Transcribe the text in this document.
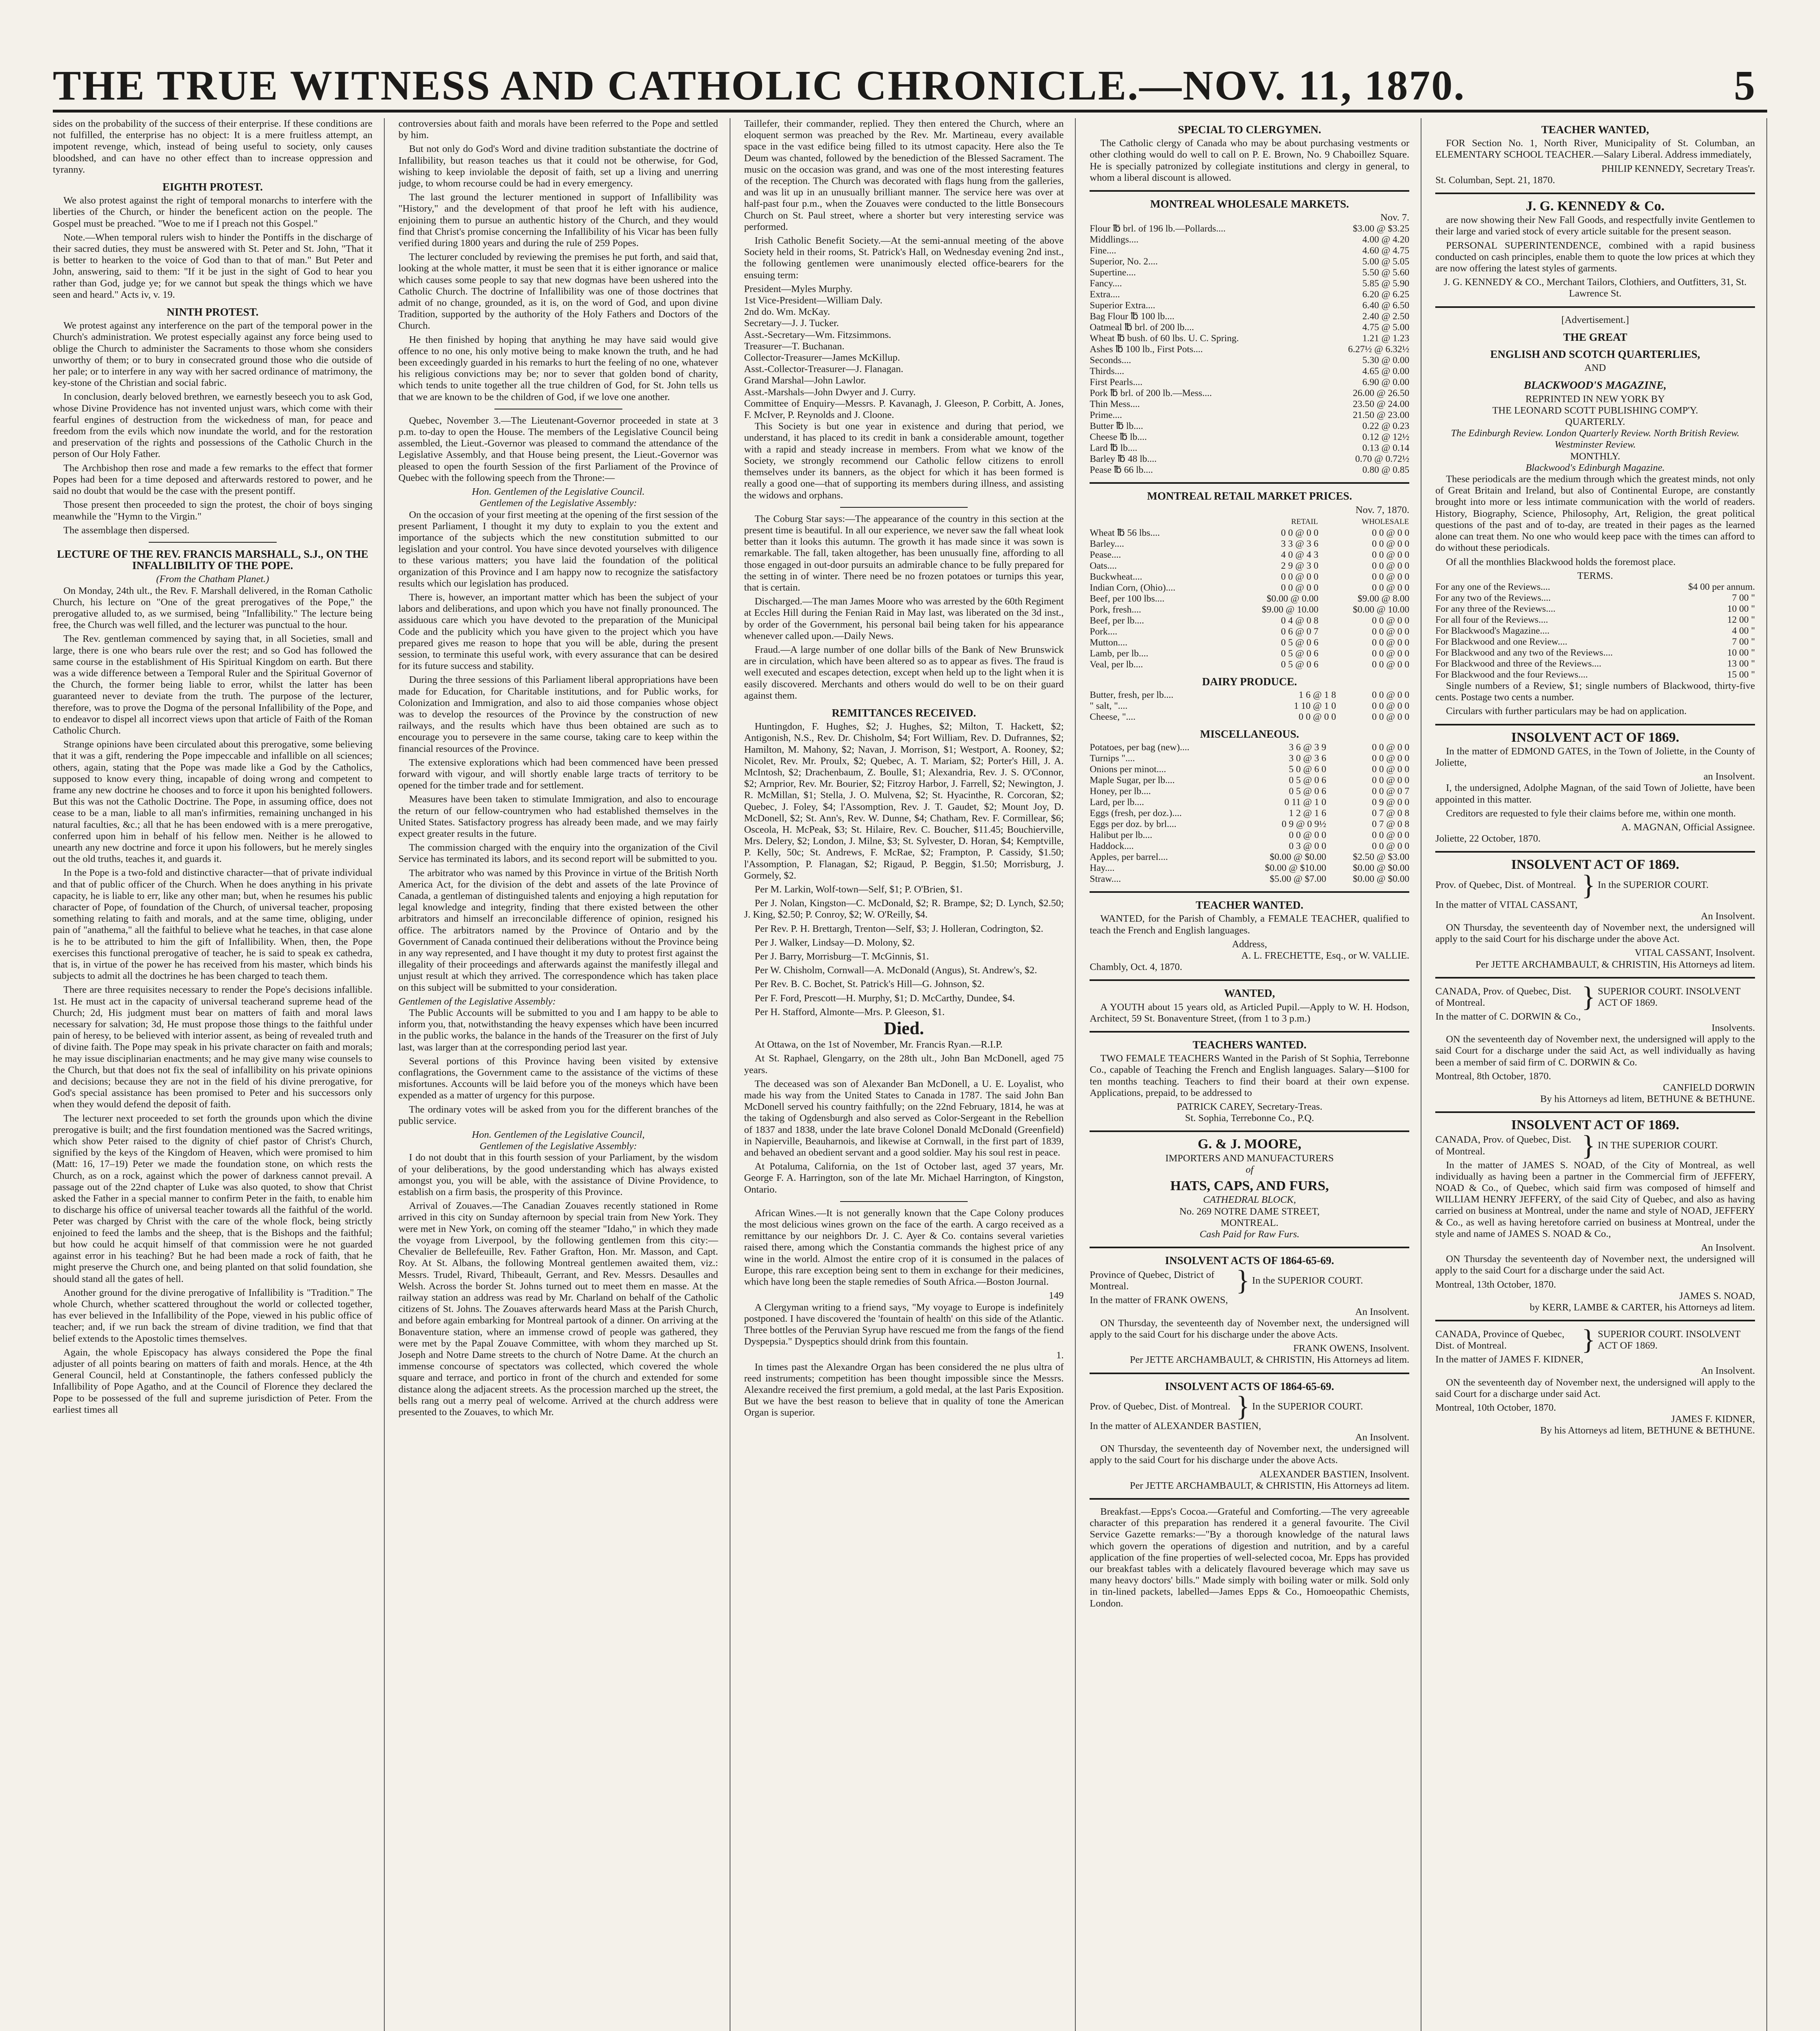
THE TRUE WITNESS AND CATHOLIC CHRONICLE.—NOV. 11, 1870.	5

sides on the probability of the success of their enterprise. If these conditions are not fulfilled, the enterprise has no object: It is a mere fruitless attempt, an impotent revenge, which, instead of being useful to society, only causes bloodshed, and can have no other effect than to increase oppression and tyranny.

EIGHTH PROTEST.

We also protest against the right of temporal monarchs to interfere with the liberties of the Church, or hinder the beneficent action on the people. The Gospel must be preached. "Woe to me if I preach not this Gospel."

Note.—When temporal rulers wish to hinder the Pontiffs in the discharge of their sacred duties, they must be answered with St. Peter and St. John, "That it is better to hearken to the voice of God than to that of man." But Peter and John, answering, said to them: "If it be just in the sight of God to hear you rather than God, judge ye; for we cannot but speak the things which we have seen and heard." Acts iv, v. 19.

NINTH PROTEST.

We protest against any interference on the part of the temporal power in the Church's administration. We protest especially against any force being used to oblige the Church to administer the Sacraments to those whom she considers unworthy of them; or to bury in consecrated ground those who die outside of her pale; or to interfere in any way with her sacred ordinance of matrimony, the key-stone of the Christian and social fabric.

In conclusion, dearly beloved brethren, we earnestly beseech you to ask God, whose Divine Providence has not invented unjust wars, which come with their fearful engines of destruction from the wickedness of man, for peace and freedom from the evils which now inundate the world, and for the restoration and preservation of the rights and possessions of the Catholic Church in the person of Our Holy Father.

The Archbishop then rose and made a few remarks to the effect that former Popes had been for a time deposed and afterwards restored to power, and he said no doubt that would be the case with the present pontiff.

Those present then proceeded to sign the protest, the choir of boys singing meanwhile the "Hymn to the Virgin."

The assemblage then dispersed.

LECTURE OF THE REV. FRANCIS MARSHALL, S.J., ON THE INFALLIBILITY OF THE POPE.
(From the Chatham Planet.)

On Monday, 24th ult., the Rev. F. Marshall delivered, in the Roman Catholic Church, his lecture on "One of the great prerogatives of the Pope," the prerogative alluded to, as we surmised, being "Infallibility." The lecture being free, the Church was well filled, and the lecturer was punctual to the hour.

The Rev. gentleman commenced by saying that, in all Societies, small and large, there is one who bears rule over the rest; and so God has followed the same course in the establishment of His Spiritual Kingdom on earth. But there was a wide difference between a Temporal Ruler and the Spiritual Governor of the Church, the former being liable to error, whilst the latter has been guaranteed never to deviate from the truth. The purpose of the lecturer, therefore, was to prove the Dogma of the personal Infallibility of the Pope, and to endeavor to dispel all incorrect views upon that article of Faith of the Roman Catholic Church.

Strange opinions have been circulated about this prerogative, some believing that it was a gift, rendering the Pope impeccable and infallible on all sciences; others, again, stating that the Pope was made like a God by the Catholics, supposed to know every thing, incapable of doing wrong and competent to frame any new doctrine he chooses and to force it upon his benighted followers. But this was not the Catholic Doctrine. The Pope, in assuming office, does not cease to be a man, liable to all man's infirmities, remaining unchanged in his natural faculties, &c.; all that he has been endowed with is a mere prerogative, conferred upon him in behalf of his fellow men. Neither is he allowed to unearth any new doctrine and force it upon his followers, but he merely singles out the old truths, teaches it, and guards it.

In the Pope is a two-fold and distinctive character—that of private individual and that of public officer of the Church. When he does anything in his private capacity, he is liable to err, like any other man; but, when he resumes his public character of Pope, of foundation of the Church, of universal teacher, proposing something relating to faith and morals, and at the same time, obliging, under pain of "anathema," all the faithful to believe what he teaches, in that case alone is he to be attributed to him the gift of Infallibility. When, then, the Pope exercises this functional prerogative of teacher, he is said to speak ex cathedra, that is, in virtue of the power he has received from his master, which binds his subjects to admit all the doctrines he has been charged to teach them.

There are three requisites necessary to render the Pope's decisions infallible. 1st. He must act in the capacity of universal teacherand supreme head of the Church; 2d, His judgment must bear on matters of faith and moral laws necessary for salvation; 3d, He must propose those things to the faithful under pain of heresy, to be believed with interior assent, as being of revealed truth and of divine faith. The Pope may speak in his private character on faith and morals; he may issue disciplinarian enactments; and he may give many wise counsels to the Church, but that does not fix the seal of infallibility on his private opinions and decisions; because they are not in the field of his divine prerogative, for God's special assistance has been promised to Peter and his successors only when they would defend the deposit of faith.

The lecturer next proceeded to set forth the grounds upon which the divine prerogative is built; and the first foundation mentioned was the Sacred writings, which show Peter raised to the dignity of chief pastor of Christ's Church, signified by the keys of the Kingdom of Heaven, which were promised to him (Matt: 16, 17–19) Peter we made the foundation stone, on which rests the Church, as on a rock, against which the power of darkness cannot prevail. A passage out of the 22nd chapter of Luke was also quoted, to show that Christ asked the Father in a special manner to confirm Peter in the faith, to enable him to discharge his office of universal teacher towards all the faithful of the world. Peter was charged by Christ with the care of the whole flock, being strictly enjoined to feed the lambs and the sheep, that is the Bishops and the faithful; but how could he acquit himself of that commission were he not guarded against error in his teaching? But he had been made a rock of faith, that he might preserve the Church one, and being planted on that solid foundation, she should stand all the gates of hell.

Another ground for the divine prerogative of Infallibility is "Tradition." The whole Church, whether scattered throughout the world or collected together, has ever believed in the Infallibility of the Pope, viewed in his public office of teacher; and, if we run back the stream of divine tradition, we find that that belief extends to the Apostolic times themselves.

Again, the whole Episcopacy has always considered the Pope the final adjuster of all points bearing on matters of faith and morals. Hence, at the 4th General Council, held at Constantinople, the fathers confessed publicly the Infallibility of Pope Agatho, and at the Council of Florence they declared the Pope to be possessed of the full and supreme jurisdiction of Peter. From the earliest times all

controversies about faith and morals have been referred to the Pope and settled by him.

But not only do God's Word and divine tradition substantiate the doctrine of Infallibility, but reason teaches us that it could not be otherwise, for God, wishing to keep inviolable the deposit of faith, set up a living and unerring judge, to whom recourse could be had in every emergency.

The last ground the lecturer mentioned in support of Infallibility was "History," and the development of that proof he left with his audience, enjoining them to pursue an authentic history of the Church, and they would find that Christ's promise concerning the Infallibility of his Vicar has been fully verified during 1800 years and during the rule of 259 Popes.

The lecturer concluded by reviewing the premises he put forth, and said that, looking at the whole matter, it must be seen that it is either ignorance or malice which causes some people to say that new dogmas have been ushered into the Catholic Church. The doctrine of Infallibility was one of those doctrines that admit of no change, grounded, as it is, on the word of God, and upon divine Tradition, supported by the authority of the Holy Fathers and Doctors of the Church.

He then finished by hoping that anything he may have said would give offence to no one, his only motive being to make known the truth, and he had been exceedingly guarded in his remarks to hurt the feeling of no one, whatever his religious convictions may be; nor to sever that golden bond of charity, which tends to unite together all the true children of God, for St. John tells us that we are known to be the children of God, if we love one another.

Quebec, November 3.—The Lieutenant-Governor proceeded in state at 3 p.m. to-day to open the House. The members of the Legislative Council being assembled, the Lieut.-Governor was pleased to command the attendance of the Legislative Assembly, and that House being present, the Lieut.-Governor was pleased to open the fourth Session of the first Parliament of the Province of Quebec with the following speech from the Throne:—

Hon. Gentlemen of the Legislative Council.
Gentlemen of the Legislative Assembly:

On the occasion of your first meeting at the opening of the first session of the present Parliament, I thought it my duty to explain to you the extent and importance of the subjects which the new constitution submitted to our legislation and your control. You have since devoted yourselves with diligence to these various matters; you have laid the foundation of the political organization of this Province and I am happy now to recognize the satisfactory results which our legislation has produced.

There is, however, an important matter which has been the subject of your labors and deliberations, and upon which you have not finally pronounced. The assiduous care which you have devoted to the preparation of the Municipal Code and the publicity which you have given to the project which you have prepared gives me reason to hope that you will be able, during the present session, to terminate this useful work, with every assurance that can be desired for its future success and stability.

During the three sessions of this Parliament liberal appropriations have been made for Education, for Charitable institutions, and for Public works, for Colonization and Immigration, and also to aid those companies whose object was to develop the resources of the Province by the construction of new railways, and the results which have thus been obtained are such as to encourage you to persevere in the same course, taking care to keep within the financial resources of the Province.

The extensive explorations which had been commenced have been pressed forward with vigour, and will shortly enable large tracts of territory to be opened for the timber trade and for settlement.

Measures have been taken to stimulate Immigration, and also to encourage the return of our fellow-countrymen who had established themselves in the United States. Satisfactory progress has already been made, and we may fairly expect greater results in the future.

The commission charged with the enquiry into the organization of the Civil Service has terminated its labors, and its second report will be submitted to you.

The arbitrator who was named by this Province in virtue of the British North America Act, for the division of the debt and assets of the late Province of Canada, a gentleman of distinguished talents and enjoying a high reputation for legal knowledge and integrity, finding that there existed between the other arbitrators and himself an irreconcilable difference of opinion, resigned his office. The arbitrators named by the Province of Ontario and by the Government of Canada continued their deliberations without the Province being in any way represented, and I have thought it my duty to protest first against the illegality of their proceedings and afterwards against the manifestly illegal and unjust result at which they arrived. The correspondence which has taken place on this subject will be submitted to your consideration.

Gentlemen of the Legislative Assembly:

The Public Accounts will be submitted to you and I am happy to be able to inform you, that, notwithstanding the heavy expenses which have been incurred in the public works, the balance in the hands of the Treasurer on the first of July last, was larger than at the corresponding period last year.

Several portions of this Province having been visited by extensive conflagrations, the Government came to the assistance of the victims of these misfortunes. Accounts will be laid before you of the moneys which have been expended as a matter of urgency for this purpose.

The ordinary votes will be asked from you for the different branches of the public service.

Hon. Gentlemen of the Legislative Council,
Gentlemen of the Legislative Assembly:

I do not doubt that in this fourth session of your Parliament, by the wisdom of your deliberations, by the good understanding which has always existed amongst you, you will be able, with the assistance of Divine Providence, to establish on a firm basis, the prosperity of this Province.

Arrival of Zouaves.—The Canadian Zouaves recently stationed in Rome arrived in this city on Sunday afternoon by special train from New York. They were met in New York, on coming off the steamer "Idaho," in which they made the voyage from Liverpool, by the following gentlemen from this city:—Chevalier de Bellefeuille, Rev. Father Grafton, Hon. Mr. Masson, and Capt. Roy. At St. Albans, the following Montreal gentlemen awaited them, viz.: Messrs. Trudel, Rivard, Thibeault, Gerrant, and Rev. Messrs. Desaulles and Welsh. Across the border St. Johns turned out to meet them en masse. At the railway station an address was read by Mr. Charland on behalf of the Catholic citizens of St. Johns. The Zouaves afterwards heard Mass at the Parish Church, and before again embarking for Montreal partook of a dinner. On arriving at the Bonaventure station, where an immense crowd of people was gathered, they were met by the Papal Zouave Committee, with whom they marched up St. Joseph and Notre Dame streets to the church of Notre Dame. At the church an immense concourse of spectators was collected, which covered the whole square and terrace, and portico in front of the church and extended for some distance along the adjacent streets. As the procession marched up the street, the bells rang out a merry peal of welcome. Arrived at the church address were presented to the Zouaves, to which Mr.

Taillefer, their commander, replied. They then entered the Church, where an eloquent sermon was preached by the Rev. Mr. Martineau, every available space in the vast edifice being filled to its utmost capacity. Here also the Te Deum was chanted, followed by the benediction of the Blessed Sacrament. The music on the occasion was grand, and was one of the most interesting features of the reception. The Church was decorated with flags hung from the galleries, and was lit up in an unusually brilliant manner. The service here was over at half-past four p.m., when the Zouaves were conducted to the little Bonsecours Church on St. Paul street, where a shorter but very interesting service was performed.

Irish Catholic Benefit Society.—At the semi-annual meeting of the above Society held in their rooms, St. Patrick's Hall, on Wednesday evening 2nd inst., the following gentlemen were unanimously elected office-bearers for the ensuing term:

President—Myles Murphy.
1st Vice-President—William Daly.
2nd do. Wm. McKay.
Secretary—J. J. Tucker.
Asst.-Secretary—Wm. Fitzsimmons.
Treasurer—T. Buchanan.
Collector-Treasurer—James McKillup.
Asst.-Collector-Treasurer—J. Flanagan.
Grand Marshal—John Lawlor.
Asst.-Marshals—John Dwyer and J. Curry.
Committee of Enquiry—Messrs. P. Kavanagh, J. Gleeson, P. Corbitt, A. Jones, F. McIver, P. Reynolds and J. Cloone.

This Society is but one year in existence and during that period, we understand, it has placed to its credit in bank a considerable amount, together with a rapid and steady increase in members. From what we know of the Society, we strongly recommend our Catholic fellow citizens to enroll themselves under its banners, as the object for which it has been formed is really a good one—that of supporting its members during illness, and assisting the widows and orphans.

The Coburg Star says:—The appearance of the country in this section at the present time is beautiful. In all our experience, we never saw the fall wheat look better than it looks this autumn. The growth it has made since it was sown is remarkable. The fall, taken altogether, has been unusually fine, affording to all those engaged in out-door pursuits an admirable chance to be fully prepared for the setting in of winter. There need be no frozen potatoes or turnips this year, that is certain.

Discharged.—The man James Moore who was arrested by the 60th Regiment at Eccles Hill during the Fenian Raid in May last, was liberated on the 3d inst., by order of the Government, his personal bail being taken for his appearance whenever called upon.—Daily News.

Fraud.—A large number of one dollar bills of the Bank of New Brunswick are in circulation, which have been altered so as to appear as fives. The fraud is well executed and escapes detection, except when held up to the light when it is easily discovered. Merchants and others would do well to be on their guard against them.

REMITTANCES RECEIVED.

Huntingdon, F. Hughes, $2; J. Hughes, $2; Milton, T. Hackett, $2; Antigonish, N.S., Rev. Dr. Chisholm, $4; Fort William, Rev. D. Dufrannes, $2; Hamilton, M. Mahony, $2; Navan, J. Morrison, $1; Westport, A. Rooney, $2; Nicolet, Rev. Mr. Proulx, $2; Quebec, A. T. Mariam, $2; Porter's Hill, J. A. McIntosh, $2; Drachenbaum, Z. Boulle, $1; Alexandria, Rev. J. S. O'Connor, $2; Arnprior, Rev. Mr. Bourier, $2; Fitzroy Harbor, J. Farrell, $2; Newington, J. R. McMillan, $1; Stella, J. O. Mulvena, $2; St. Hyacinthe, R. Corcoran, $2; Quebec, J. Foley, $4; l'Assomption, Rev. J. T. Gaudet, $2; Mount Joy, D. McDonell, $2; St. Ann's, Rev. W. Dunne, $4; Chatham, Rev. F. Cormillear, $6; Osceola, H. McPeak, $3; St. Hilaire, Rev. C. Boucher, $11.45; Bouchierville, Mrs. Delery, $2; London, J. Milne, $3; St. Sylvester, D. Horan, $4; Kemptville, P. Kelly, 50c; St. Andrews, F. McRae, $2; Frampton, P. Cassidy, $1.50; l'Assomption, P. Flanagan, $2; Rigaud, P. Beggin, $1.50; Morrisburg, J. Gormely, $2.

Per M. Larkin, Wolf-town—Self, $1; P. O'Brien, $1.

Per J. Nolan, Kingston—C. McDonald, $2; R. Brampe, $2; D. Lynch, $2.50; J. King, $2.50; P. Conroy, $2; W. O'Reilly, $4.

Per Rev. P. H. Brettargh, Trenton—Self, $3; J. Holleran, Codrington, $2.

Per J. Walker, Lindsay—D. Molony, $2.

Per J. Barry, Morrisburg—T. McGinnis, $1.

Per W. Chisholm, Cornwall—A. McDonald (Angus), St. Andrew's, $2.

Per Rev. B. C. Bochet, St. Patrick's Hill—G. Johnson, $2.

Per F. Ford, Prescott—H. Murphy, $1; D. McCarthy, Dundee, $4.

Per H. Stafford, Almonte—Mrs. P. Gleeson, $1.

Died.

At Ottawa, on the 1st of November, Mr. Francis Ryan.—R.I.P.

At St. Raphael, Glengarry, on the 28th ult., John Ban McDonell, aged 75 years.

The deceased was son of Alexander Ban McDonell, a U. E. Loyalist, who made his way from the United States to Canada in 1787. The said John Ban McDonell served his country faithfully; on the 22nd February, 1814, he was at the taking of Ogdensburgh and also served as Color-Sergeant in the Rebellion of 1837 and 1838, under the late brave Colonel Donald McDonald (Greenfield) in Napierville, Beauharnois, and likewise at Cornwall, in the first part of 1839, and behaved an obedient servant and a good soldier. May his soul rest in peace.

At Potaluma, California, on the 1st of October last, aged 37 years, Mr. George F. A. Harrington, son of the late Mr. Michael Harrington, of Kingston, Ontario.

African Wines.—It is not generally known that the Cape Colony produces the most delicious wines grown on the face of the earth. A cargo received as a remittance by our neighbors Dr. J. C. Ayer & Co. contains several varieties raised there, among which the Constantia commands the highest price of any wine in the world. Almost the entire crop of it is consumed in the palaces of Europe, this rare exception being sent to them in exchange for their medicines, which have long been the staple remedies of South Africa.—Boston Journal.

149

A Clergyman writing to a friend says, "My voyage to Europe is indefinitely postponed. I have discovered the 'fountain of health' on this side of the Atlantic. Three bottles of the Peruvian Syrup have rescued me from the fangs of the fiend Dyspepsia." Dyspeptics should drink from this fountain.

1.

In times past the Alexandre Organ has been considered the ne plus ultra of reed instruments; competition has been thought impossible since the Messrs. Alexandre received the first premium, a gold medal, at the last Paris Exposition. But we have the best reason to believe that in quality of tone the American Organ is superior.

SPECIAL TO CLERGYMEN.

The Catholic clergy of Canada who may be about purchasing vestments or other clothing would do well to call on P. E. Brown, No. 9 Chaboillez Square. He is specially patronized by collegiate institutions and clergy in general, to whom a liberal discount is allowed.

MONTREAL WHOLESALE MARKETS.
Nov. 7.
Flour ℔ brl. of 196 lb.—Pollards....	$3.00 @ $3.25
Middlings....	4.00 @ 4.20
Fine....	4.60 @ 4.75
Superior, No. 2....	5.00 @ 5.05
Supertine....	5.50 @ 5.60
Fancy....	5.85 @ 5.90
Extra....	6.20 @ 6.25
Superior Extra....	6.40 @ 6.50
Bag Flour ℔ 100 lb....	2.40 @ 2.50
Oatmeal ℔ brl. of 200 lb....	4.75 @ 5.00
Wheat ℔ bush. of 60 lbs. U. C. Spring.	1.21 @ 1.23
Ashes ℔ 100 lb., First Pots....	6.27½ @ 6.32½
Seconds....	5.30 @ 0.00
Thirds....	4.65 @ 0.00
First Pearls....	6.90 @ 0.00
Pork ℔ brl. of 200 lb.—Mess....	26.00 @ 26.50
Thin Mess....	23.50 @ 24.00
Prime....	21.50 @ 23.00
Butter ℔ lb....	0.22 @ 0.23
Cheese ℔ lb....	0.12 @ 12½
Lard ℔ lb....	0.13 @ 0.14
Barley ℔ 48 lb....	0.70 @ 0.72½
Pease ℔ 66 lb....	0.80 @ 0.85
MONTREAL RETAIL MARKET PRICES.
Nov. 7, 1870.
	RETAIL	WHOLESALE
Wheat ℔ 56 lbs....	0 0 @ 0 0	0 0 @ 0 0
Barley....	3 3 @ 3 6	0 0 @ 0 0
Pease....	4 0 @ 4 3	0 0 @ 0 0
Oats....	2 9 @ 3 0	0 0 @ 0 0
Buckwheat....	0 0 @ 0 0	0 0 @ 0 0
Indian Corn, (Ohio)....	0 0 @ 0 0	0 0 @ 0 0
Beef, per 100 lbs....	$0.00 @ 0.00	$9.00 @ 8.00
Pork, fresh....	$9.00 @ 10.00	$0.00 @ 10.00
Beef, per lb....	0 4 @ 0 8	0 0 @ 0 0
Pork....	0 6 @ 0 7	0 0 @ 0 0
Mutton....	0 5 @ 0 6	0 0 @ 0 0
Lamb, per lb....	0 5 @ 0 6	0 0 @ 0 0
Veal, per lb....	0 5 @ 0 6	0 0 @ 0 0
DAIRY PRODUCE.
Butter, fresh, per lb....	1 6 @ 1 8	0 0 @ 0 0
" salt, "....	1 10 @ 1 0	0 0 @ 0 0
Cheese, "....	0 0 @ 0 0	0 0 @ 0 0
MISCELLANEOUS.
Potatoes, per bag (new)....	3 6 @ 3 9	0 0 @ 0 0
Turnips "....	3 0 @ 3 6	0 0 @ 0 0
Onions per minot....	5 0 @ 6 0	0 0 @ 0 0
Maple Sugar, per lb....	0 5 @ 0 6	0 0 @ 0 0
Honey, per lb....	0 5 @ 0 6	0 0 @ 0 7
Lard, per lb....	0 11 @ 1 0	0 9 @ 0 0
Eggs (fresh, per doz.)....	1 2 @ 1 6	0 7 @ 0 8
Eggs per doz. by brl....	0 9 @ 0 9½	0 7 @ 0 8
Halibut per lb....	0 0 @ 0 0	0 0 @ 0 0
Haddock....	0 3 @ 0 0	0 0 @ 0 0
Apples, per barrel....	$0.00 @ $0.00	$2.50 @ $3.00
Hay....	$0.00 @ $10.00	$0.00 @ $0.00
Straw....	$5.00 @ $7.00	$0.00 @ $0.00
TEACHER WANTED.

WANTED, for the Parish of Chambly, a FEMALE TEACHER, qualified to teach the French and English languages.

Address,
A. L. FRECHETTE, Esq., or W. VALLIE.
Chambly, Oct. 4, 1870.
WANTED,

A YOUTH about 15 years old, as Articled Pupil.—Apply to W. H. Hodson, Architect, 59 St. Bonaventure Street, (from 1 to 3 p.m.)

TEACHERS WANTED.

TWO FEMALE TEACHERS Wanted in the Parish of St Sophia, Terrebonne Co., capable of Teaching the French and English languages. Salary—$100 for ten months teaching. Teachers to find their board at their own expense. Applications, prepaid, to be addressed to

PATRICK CAREY, Secretary-Treas.
St. Sophia, Terrebonne Co., P.Q.
G. & J. MOORE,
IMPORTERS AND MANUFACTURERS
of
HATS, CAPS, AND FURS,
CATHEDRAL BLOCK,
No. 269 NOTRE DAME STREET,
MONTREAL.
Cash Paid for Raw Furs.
INSOLVENT ACTS OF 1864-65-69.
Province of Quebec, District of Montreal.	} In the SUPERIOR COURT.
In the matter of FRANK OWENS,
An Insolvent.

ON Thursday, the seventeenth day of November next, the undersigned will apply to the said Court for his discharge under the above Acts.

FRANK OWENS, Insolvent.
Per JETTE ARCHAMBAULT, & CHRISTIN, His Attorneys ad litem.
INSOLVENT ACTS OF 1864-65-69.
Prov. of Quebec, Dist. of Montreal. } In the SUPERIOR COURT.
In the matter of ALEXANDER BASTIEN,
An Insolvent.

ON Thursday, the seventeenth day of November next, the undersigned will apply to the said Court for his discharge under the above Acts.

ALEXANDER BASTIEN, Insolvent.
Per JETTE ARCHAMBAULT, & CHRISTIN, His Attorneys ad litem.

Breakfast.—Epps's Cocoa.—Grateful and Comforting.—The very agreeable character of this preparation has rendered it a general favourite. The Civil Service Gazette remarks:—"By a thorough knowledge of the natural laws which govern the operations of digestion and nutrition, and by a careful application of the fine properties of well-selected cocoa, Mr. Epps has provided our breakfast tables with a delicately flavoured beverage which may save us many heavy doctors' bills." Made simply with boiling water or milk. Sold only in tin-lined packets, labelled—James Epps & Co., Homoeopathic Chemists, London.

TEACHER WANTED,

FOR Section No. 1, North River, Municipality of St. Columban, an ELEMENTARY SCHOOL TEACHER.—Salary Liberal. Address immediately,

PHILIP KENNEDY, Secretary Treas'r.
St. Columban, Sept. 21, 1870.
J. G. KENNEDY & Co.

are now showing their New Fall Goods, and respectfully invite Gentlemen to their large and varied stock of every article suitable for the present season.

PERSONAL SUPERINTENDENCE, combined with a rapid business conducted on cash principles, enable them to quote the low prices at which they are now offering the latest styles of garments.

J. G. KENNEDY & CO., Merchant Tailors, Clothiers, and Outfitters, 31, St. Lawrence St.
[Advertisement.]
THE GREAT
ENGLISH AND SCOTCH QUARTERLIES,
AND
BLACKWOOD'S MAGAZINE,
REPRINTED IN NEW YORK BY
THE LEONARD SCOTT PUBLISHING COMP'Y.
QUARTERLY.
The Edinburgh Review. London Quarterly Review. North British Review. Westminster Review.
MONTHLY.
Blackwood's Edinburgh Magazine.

These periodicals are the medium through which the greatest minds, not only of Great Britain and Ireland, but also of Continental Europe, are constantly brought into more or less intimate communication with the world of readers. History, Biography, Science, Philosophy, Art, Religion, the great political questions of the past and of to-day, are treated in their pages as the learned alone can treat them. No one who would keep pace with the times can afford to do without these periodicals.

Of all the monthlies Blackwood holds the foremost place.

TERMS.
For any one of the Reviews....	$4 00 per annum.
For any two of the Reviews....	7 00 "
For any three of the Reviews....	10 00 "
For all four of the Reviews....	12 00 "
For Blackwood's Magazine....	4 00 "
For Blackwood and one Review....	7 00 "
For Blackwood and any two of the Reviews....	10 00 "
For Blackwood and three of the Reviews....	13 00 "
For Blackwood and the four Reviews....	15 00 "

Single numbers of a Review, $1; single numbers of Blackwood, thirty-five cents. Postage two cents a number.

Circulars with further particulars may be had on application.

INSOLVENT ACT OF 1869.

In the matter of EDMOND GATES, in the Town of Joliette, in the County of Joliette,

an Insolvent.

I, the undersigned, Adolphe Magnan, of the said Town of Joliette, have been appointed in this matter.

Creditors are requested to fyle their claims before me, within one month.

A. MAGNAN, Official Assignee.
Joliette, 22 October, 1870.
INSOLVENT ACT OF 1869.
Prov. of Quebec, Dist. of Montreal. } In the SUPERIOR COURT.
In the matter of VITAL CASSANT,
An Insolvent.

ON Thursday, the seventeenth day of November next, the undersigned will apply to the said Court for his discharge under the above Act.

VITAL CASSANT, Insolvent.
Per JETTE ARCHAMBAULT, & CHRISTIN, His Attorneys ad litem.
CANADA, Prov. of Quebec, Dist. of Montreal.	} SUPERIOR COURT. INSOLVENT ACT OF 1869.
In the matter of C. DORWIN & Co.,
Insolvents.

ON the seventeenth day of November next, the undersigned will apply to the said Court for a discharge under the said Act, as well individually as having been a member of said firm of C. DORWIN & Co.

Montreal, 8th October, 1870.
CANFIELD DORWIN
By his Attorneys ad litem, BETHUNE & BETHUNE.
INSOLVENT ACT OF 1869.
CANADA, Prov. of Quebec, Dist. of Montreal.	} IN THE SUPERIOR COURT.

In the matter of JAMES S. NOAD, of the City of Montreal, as well individually as having been a partner in the Commercial firm of JEFFERY, NOAD & Co., of Quebec, which said firm was composed of himself and WILLIAM HENRY JEFFERY, of the said City of Quebec, and also as having carried on business at Montreal, under the name and style of NOAD, JEFFERY & Co., as well as having heretofore carried on business at Montreal, under the style and name of JAMES S. NOAD & Co.,

An Insolvent.

ON Thursday the seventeenth day of November next, the undersigned will apply to the said Court for a discharge under the said Act.

Montreal, 13th October, 1870.
JAMES S. NOAD,
by KERR, LAMBE & CARTER, his Attorneys ad litem.
CANADA, Province of Quebec, Dist. of Montreal.	} SUPERIOR COURT. INSOLVENT ACT OF 1869.
In the matter of JAMES F. KIDNER,
An Insolvent.

ON the seventeenth day of November next, the undersigned will apply to the said Court for a discharge under said Act.

Montreal, 10th October, 1870.
JAMES F. KIDNER,
By his Attorneys ad litem, BETHUNE & BETHUNE.
